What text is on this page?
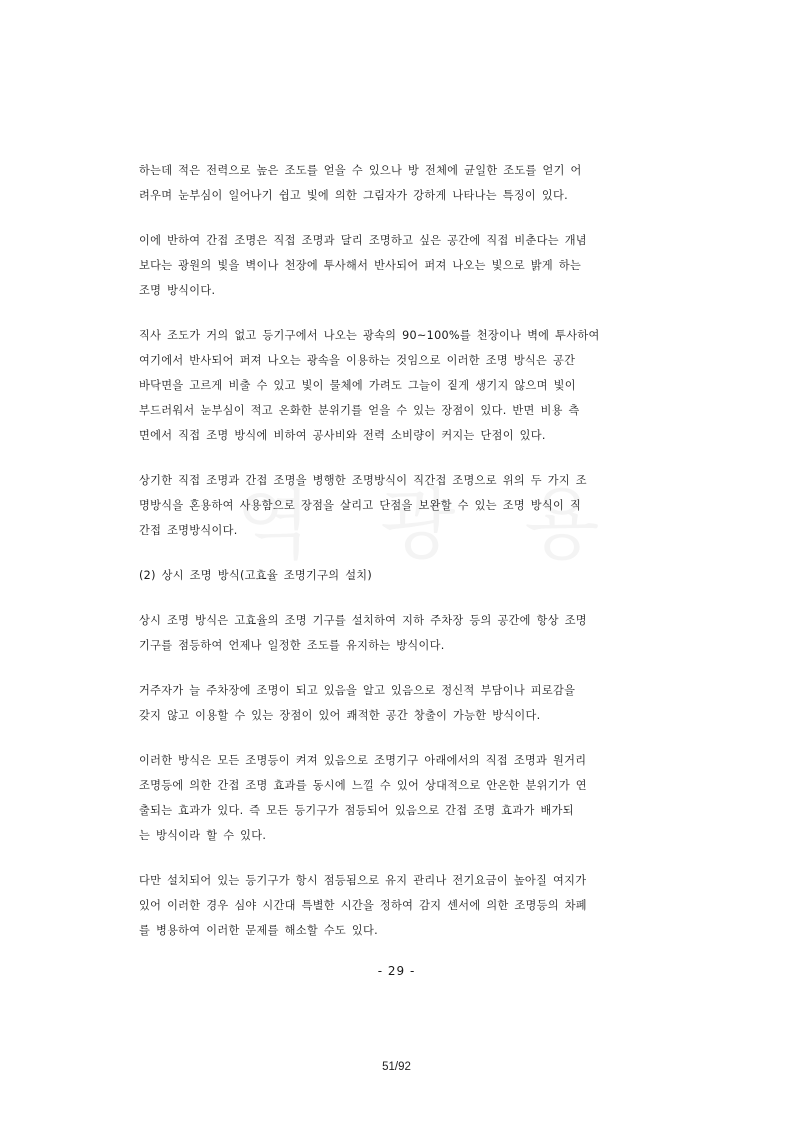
하는데 적은 전력으로 높은 조도를 얻을 수 있으나 방 전체에 균일한 조도를 얻기 어
려우며 눈부심이 일어나기 쉽고 빛에 의한 그림자가 강하게 나타나는 특징이 있다.

이에 반하여 간접 조명은 직접 조명과 달리 조명하고 싶은 공간에 직접 비춘다는 개념
보다는 광원의 빛을 벽이나 천장에 투사해서 반사되어 퍼져 나오는 빛으로 밝게 하는
조명 방식이다.

직사 조도가 거의 없고 등기구에서 나오는 광속의 90~100%를 천장이나 벽에 투사하여
여기에서 반사되어 퍼져 나오는 광속을 이용하는 것임으로 이러한 조명 방식은 공간
바닥면을 고르게 비출 수 있고 빛이 물체에 가려도 그늘이 짙게 생기지 않으며 빛이
부드러워서 눈부심이 적고 온화한 분위기를 얻을 수 있는 장점이 있다. 반면 비용 측
면에서 직접 조명 방식에 비하여 공사비와 전력 소비량이 커지는 단점이 있다.

상기한 직접 조명과 간접 조명을 병행한 조명방식이 직간접 조명으로 위의 두 가지 조
명방식을 혼용하여 사용함으로 장점을 살리고 단점을 보완할 수 있는 조명 방식이 직
간접 조명방식이다.

(2) 상시 조명 방식(고효율 조명기구의 설치)

상시 조명 방식은 고효율의 조명 기구를 설치하여 지하 주차장 등의 공간에 항상 조명
기구를 점등하여 언제나 일정한 조도를 유지하는 방식이다.

거주자가 늘 주차장에 조명이 되고 있음을 알고 있음으로 정신적 부담이나 피로감을
갖지 않고 이용할 수 있는 장점이 있어 쾌적한 공간 창출이 가능한 방식이다.

이러한 방식은 모든 조명등이 켜져 있음으로 조명기구 아래에서의 직접 조명과 원거리
조명등에 의한 간접 조명 효과를 동시에 느낄 수 있어 상대적으로 안온한 분위기가 연
출되는 효과가 있다. 즉 모든 등기구가 점등되어 있음으로 간접 조명 효과가 배가되
는 방식이라 할 수 있다.

다만 설치되어 있는 등기구가 항시 점등됨으로 유지 관리나 전기요금이 높아질 여지가
있어 이러한 경우 심야 시간대 특별한 시간을 정하여 감지 센서에 의한 조명등의 차폐
를 병용하여 이러한 문제를 해소할 수도 있다.

- 29 -
51/92
